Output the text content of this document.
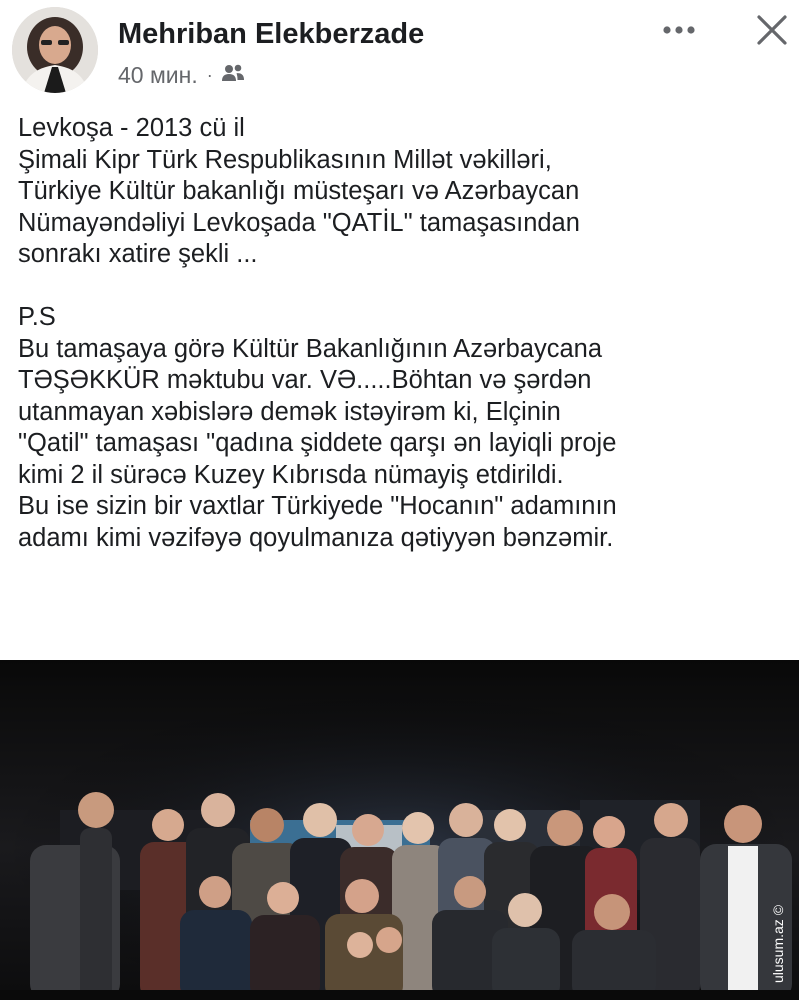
Mehriban Elekberzade
40 мин. ·
Levkoşa - 2013 cü il
Şimali Kipr Türk Respublikasının Millət vəkilləri,
Türkiye Kültür bakanlığı müsteşarı və Azərbaycan
Nümayəndəliyi Levkoşada "QATİL" tamaşasından
sonrakı xatire şekli ...
P.S
Bu tamaşaya görə Kültür Bakanlığının Azərbaycana
TƏŞƏKKÜR məktubu var. VƏ.....Böhtan və şərdən
utanmayan xəbislərə demək istəyirəm ki, Elçinin
"Qatil" tamaşası "qadına şiddete qarşı ən layiqli proje
kimi 2 il sürəcə Kuzey Kıbrısda nümayiş etdirildi.
Bu ise sizin bir vaxtlar Türkiyede "Hocanın" adamının
adamı kimi vəzifəyə qoyulmanıza qətiyyən bənzəmir.
ulusum.az ©
